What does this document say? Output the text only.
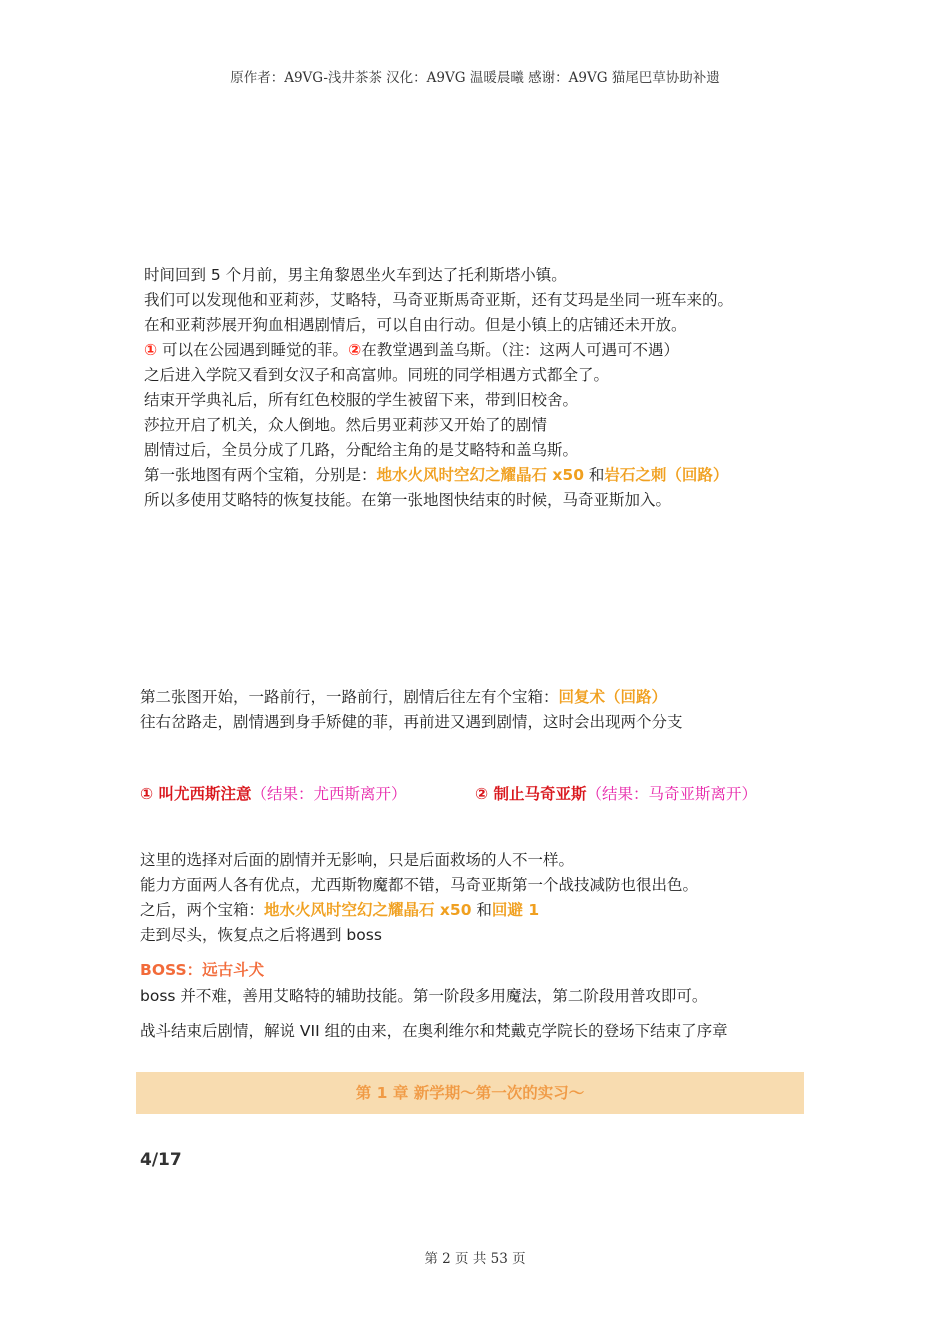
原作者：A9VG-浅井茶茶 汉化：A9VG 温暖晨曦 感谢：A9VG 猫尾巴草协助补遗
时间回到 5 个月前，男主角黎恩坐火车到达了托利斯塔小镇。
我们可以发现他和亚莉莎，艾略特，马奇亚斯馬奇亚斯，还有艾玛是坐同一班车来的。
在和亚莉莎展开狗血相遇剧情后，可以自由行动。但是小镇上的店铺还未开放。
① 可以在公园遇到睡觉的菲。②在教堂遇到盖乌斯。（注：这两人可遇可不遇）
之后进入学院又看到女汉子和高富帅。同班的同学相遇方式都全了。
结束开学典礼后，所有红色校服的学生被留下来，带到旧校舍。
莎拉开启了机关，众人倒地。然后男亚莉莎又开始了的剧情
剧情过后，全员分成了几路，分配给主角的是艾略特和盖乌斯。
第一张地图有两个宝箱，分别是：地水火风时空幻之耀晶石 x50 和岩石之刺（回路）
所以多使用艾略特的恢复技能。在第一张地图快结束的时候，马奇亚斯加入。
第二张图开始，一路前行，一路前行，剧情后往左有个宝箱：回复术（回路）
往右岔路走，剧情遇到身手矫健的菲，再前进又遇到剧情，这时会出现两个分支
① 叫尤西斯注意（结果：尤西斯离开）	② 制止马奇亚斯（结果：马奇亚斯离开）
这里的选择对后面的剧情并无影响，只是后面救场的人不一样。
能力方面两人各有优点，尤西斯物魔都不错，马奇亚斯第一个战技减防也很出色。
之后，两个宝箱：地水火风时空幻之耀晶石 x50 和回避 1
走到尽头，恢复点之后将遇到 boss
BOSS：远古斗犬
boss 并不难，善用艾略特的辅助技能。第一阶段多用魔法，第二阶段用普攻即可。
战斗结束后剧情，解说 VII 组的由来，在奥利维尔和梵戴克学院长的登场下结束了序章
第 1 章 新学期～第一次的实习～
4/17
第 2 页 共 53 页
